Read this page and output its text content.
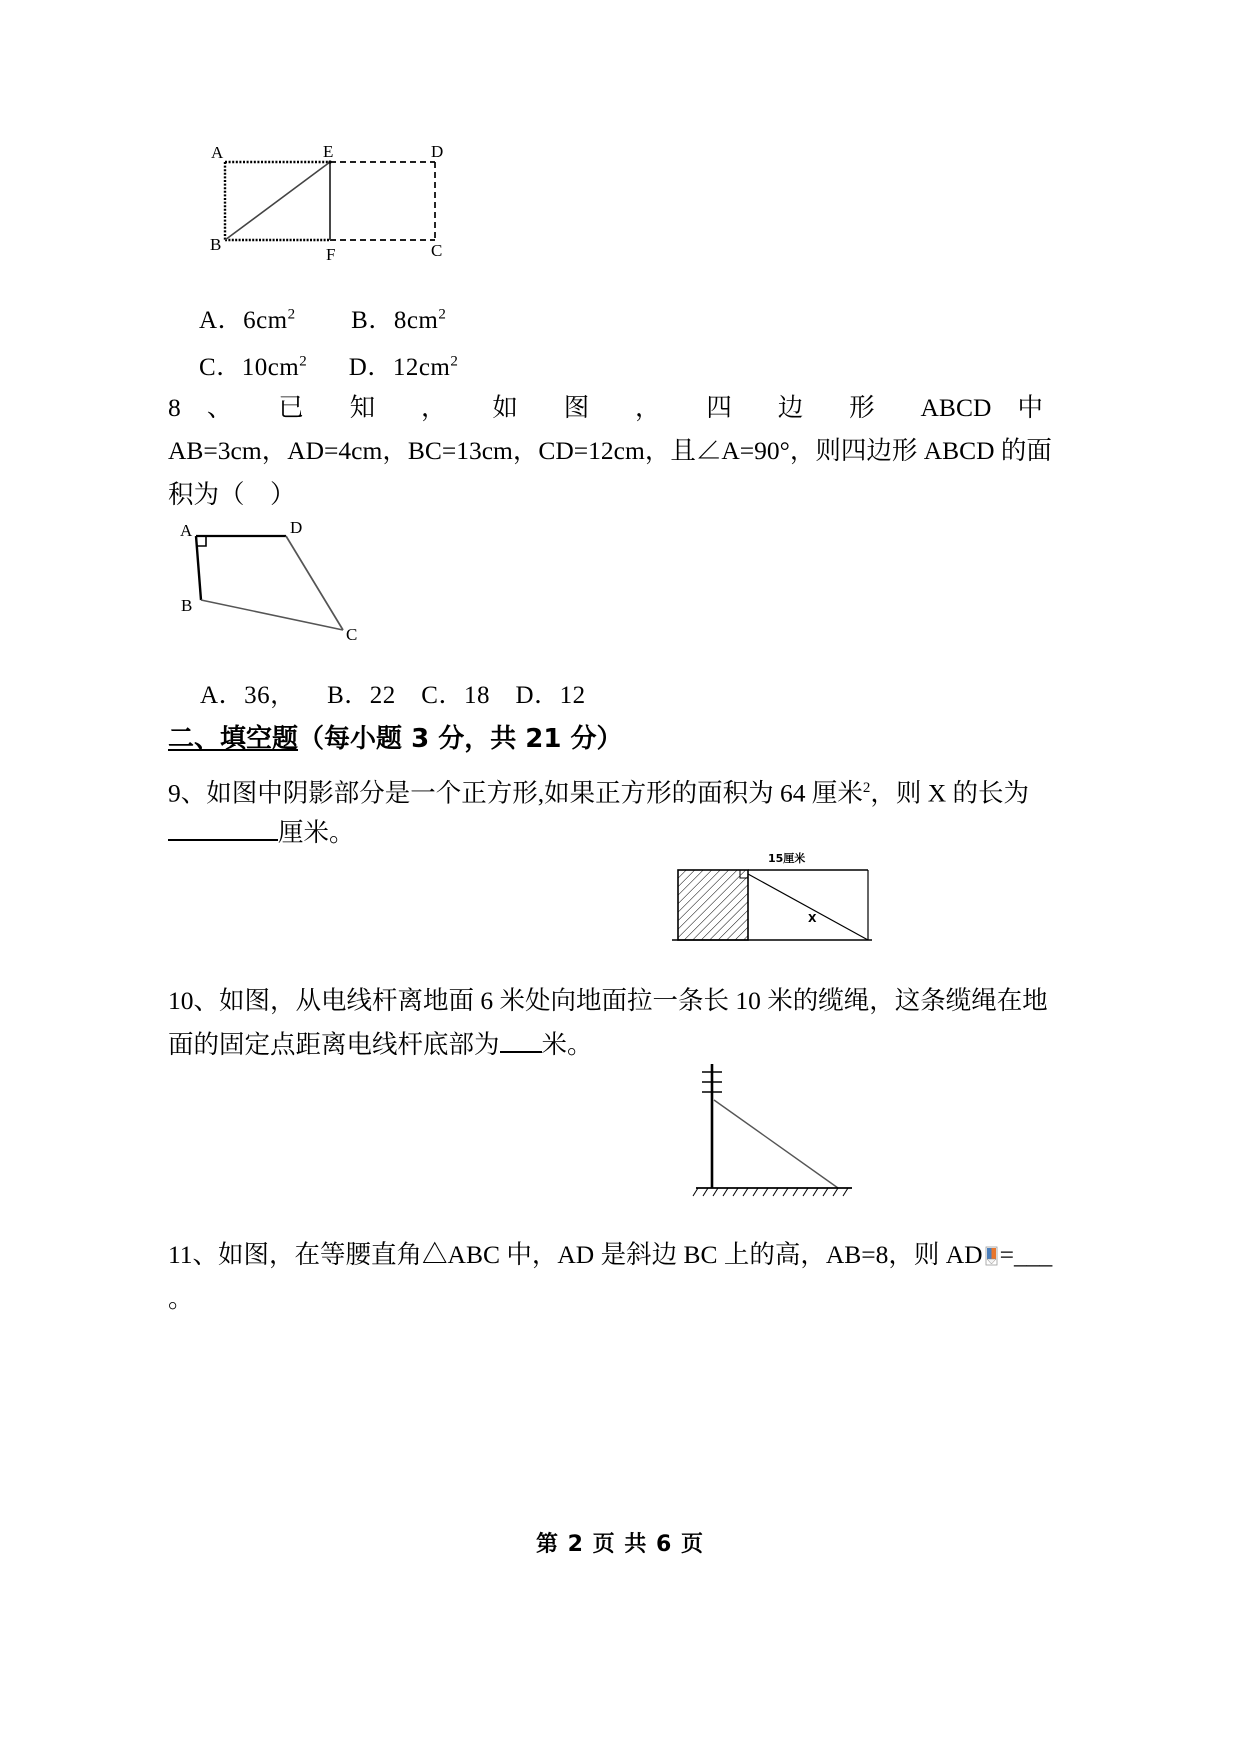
A
B
E	D
F	C
A．$6cm^2$ B．$8cm^2$
C．$10cm^2$ D．$12cm^2$
8 、 已 知 ， 如 图 ， 四 边 形 ABCD 中
AB=3cm，AD=4cm，BC=13cm，CD=12cm，且∠A=90°，则四边形 ABCD 的面
积为（　）
A	D
B
C
A．36， B．22 C．18 D．12
二、填空题（每小题 3 分，共 21 分）
9、如图中阴影部分是一个正方形,如果正方形的面积为 64 厘米$^2$，则 X 的长为
厘米。
15厘米
X
10、如图，从电线杆离地面 6 米处向地面拉一条长 10 米的缆绳，这条缆绳在地
面的固定点距离电线杆底部为 米。
11、如图，在等腰直角△ABC 中，AD 是斜边 BC 上的高，AB=8，则 AD =___
。
第 2 页 共 6 页
